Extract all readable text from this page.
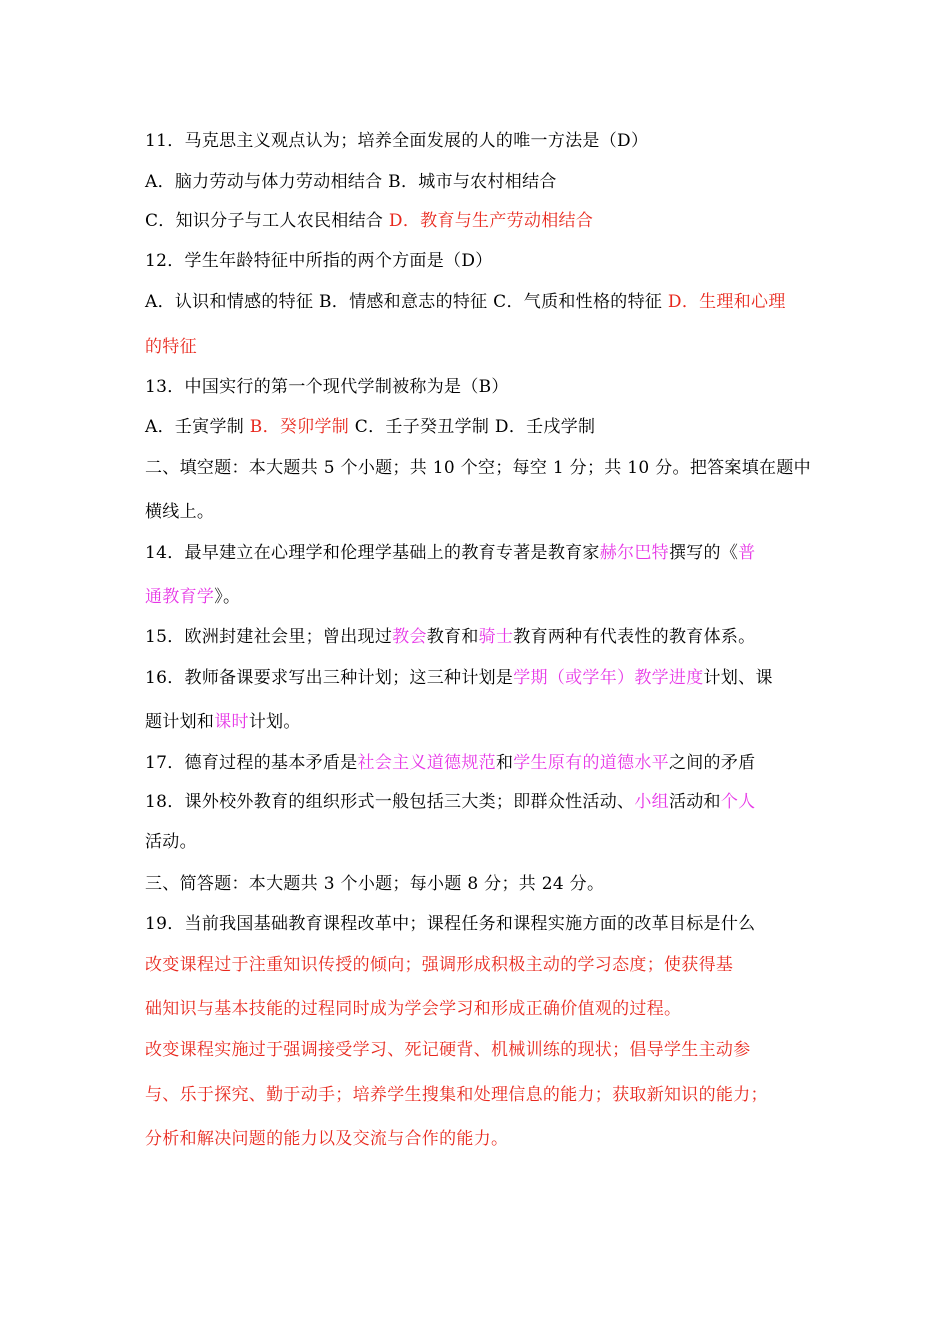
11．马克思主义观点认为；培养全面发展的人的唯一方法是（D）
A．脑力劳动与体力劳动相结合 B．城市与农村相结合
C．知识分子与工人农民相结合 D．教育与生产劳动相结合
12．学生年龄特征中所指的两个方面是（D）
A．认识和情感的特征 B．情感和意志的特征 C．气质和性格的特征 D．生理和心理
的特征
13．中国实行的第一个现代学制被称为是（B）
A．壬寅学制 B．癸卯学制 C．壬子癸丑学制 D．壬戌学制
二、填空题：本大题共 5 个小题；共 10 个空；每空 1 分；共 10 分。把答案填在题中
横线上。
14．最早建立在心理学和伦理学基础上的教育专著是教育家赫尔巴特撰写的《普
通教育学》。
15．欧洲封建社会里；曾出现过教会教育和骑士教育两种有代表性的教育体系。
16．教师备课要求写出三种计划；这三种计划是学期（或学年）教学进度计划、课
题计划和课时计划。
17．德育过程的基本矛盾是社会主义道德规范和学生原有的道德水平之间的矛盾
18．课外校外教育的组织形式一般包括三大类；即群众性活动、小组活动和个人
活动。
三、简答题：本大题共 3 个小题；每小题 8 分；共 24 分。
19．当前我国基础教育课程改革中；课程任务和课程实施方面的改革目标是什么
改变课程过于注重知识传授的倾向；强调形成积极主动的学习态度；使获得基
础知识与基本技能的过程同时成为学会学习和形成正确价值观的过程。
改变课程实施过于强调接受学习、死记硬背、机械训练的现状；倡导学生主动参
与、乐于探究、勤于动手；培养学生搜集和处理信息的能力；获取新知识的能力；
分析和解决问题的能力以及交流与合作的能力。
